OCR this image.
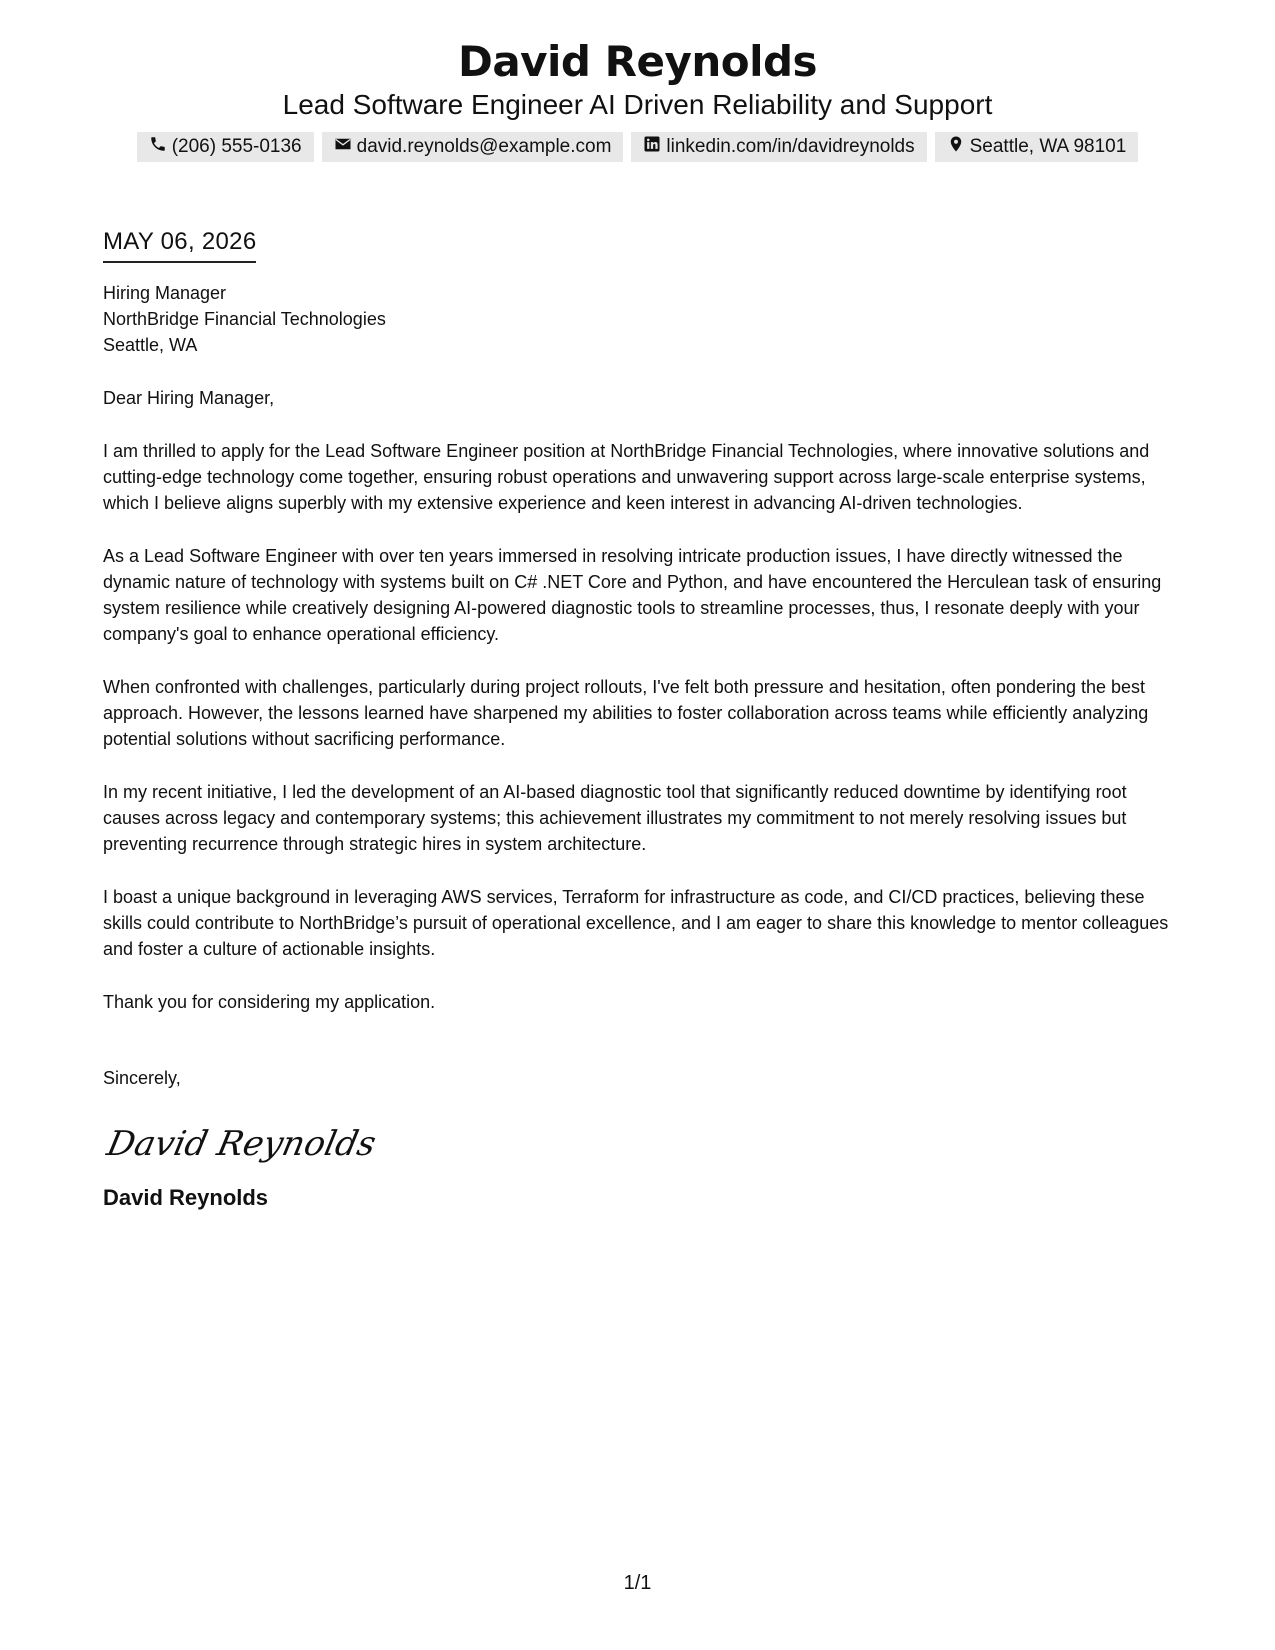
David Reynolds
Lead Software Engineer AI Driven Reliability and Support
(206) 555-0136	david.reynolds@example.com	linkedin.com/in/davidreynolds	Seattle, WA 98101
MAY 06, 2026
Hiring Manager
NorthBridge Financial Technologies
Seattle, WA

Dear Hiring Manager,

I am thrilled to apply for the Lead Software Engineer position at NorthBridge Financial Technologies, where innovative solutions and cutting-edge technology come together, ensuring robust operations and unwavering support across large-scale enterprise systems, which I believe aligns superbly with my extensive experience and keen interest in advancing AI-driven technologies.

As a Lead Software Engineer with over ten years immersed in resolving intricate production issues, I have directly witnessed the dynamic nature of technology with systems built on C# .NET Core and Python, and have encountered the Herculean task of ensuring system resilience while creatively designing AI-powered diagnostic tools to streamline processes, thus, I resonate deeply with your company's goal to enhance operational efficiency.

When confronted with challenges, particularly during project rollouts, I've felt both pressure and hesitation, often pondering the best approach. However, the lessons learned have sharpened my abilities to foster collaboration across teams while efficiently analyzing potential solutions without sacrificing performance.

In my recent initiative, I led the development of an AI-based diagnostic tool that significantly reduced downtime by identifying root causes across legacy and contemporary systems; this achievement illustrates my commitment to not merely resolving issues but preventing recurrence through strategic hires in system architecture.

I boast a unique background in leveraging AWS services, Terraform for infrastructure as code, and CI/CD practices, believing these skills could contribute to NorthBridge’s pursuit of operational excellence, and I am eager to share this knowledge to mentor colleagues and foster a culture of actionable insights.

Thank you for considering my application.

Sincerely,
David Reynolds
David Reynolds
1/1
